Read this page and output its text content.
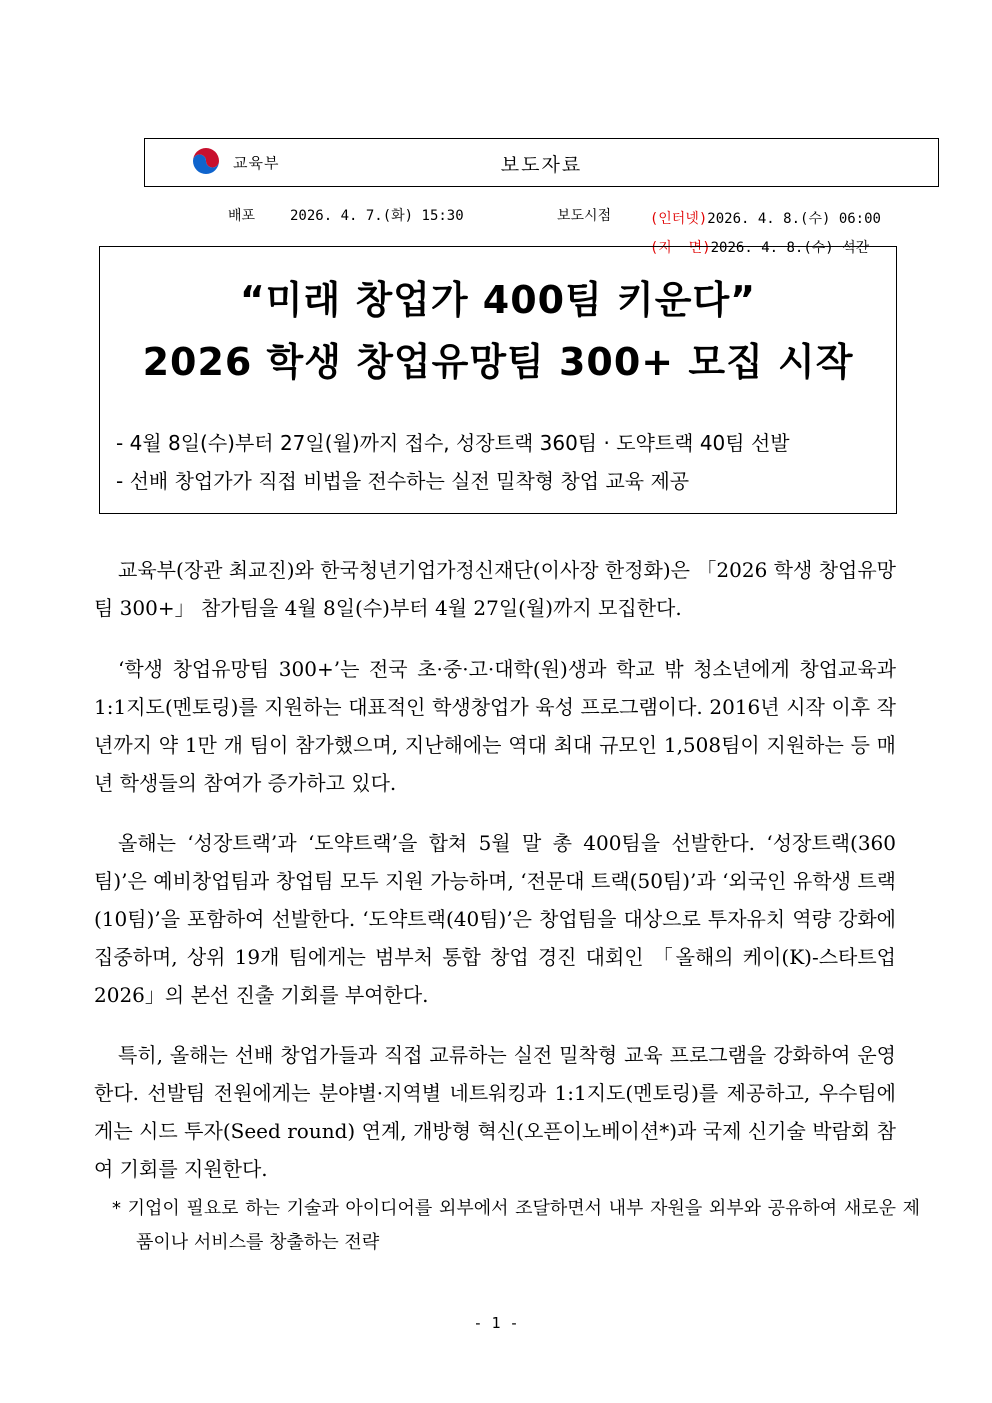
교육부	보도자료
배포 2026. 4. 7.(화) 15:30	보도시점	(인터넷)2026. 4. 8.(수) 06:00

(지  면)2026. 4. 8.(수) 석간

“미래 창업가 400팀 키운다”
2026 학생 창업유망팀 300+ 모집 시작
- 4월 8일(수)부터 27일(월)까지 접수, 성장트랙 360팀 · 도약트랙 40팀 선발
- 선배 창업가가 직접 비법을 전수하는 실전 밀착형 창업 교육 제공

교육부(장관 최교진)와 한국청년기업가정신재단(이사장 한정화)은 「2026 학생 창업유망팀 300+」 참가팀을 4월 8일(수)부터 4월 27일(월)까지 모집한다.

‘학생 창업유망팀 300+’는 전국 초·중·고·대학(원)생과 학교 밖 청소년에게 창업교육과 1:1지도(멘토링)를 지원하는 대표적인 학생창업가 육성 프로그램이다. 2016년 시작 이후 작년까지 약 1만 개 팀이 참가했으며, 지난해에는 역대 최대 규모인 1,508팀이 지원하는 등 매년 학생들의 참여가 증가하고 있다.

올해는 ‘성장트랙’과 ‘도약트랙’을 합쳐 5월 말 총 400팀을 선발한다. ‘성장트랙(360팀)’은 예비창업팀과 창업팀 모두 지원 가능하며, ‘전문대 트랙(50팀)’과 ‘외국인 유학생 트랙(10팀)’을 포함하여 선발한다. ‘도약트랙(40팀)’은 창업팀을 대상으로 투자유치 역량 강화에 집중하며, 상위 19개 팀에게는 범부처 통합 창업 경진 대회인 「올해의 케이(K)-스타트업 2026」의 본선 진출 기회를 부여한다.

특히, 올해는 선배 창업가들과 직접 교류하는 실전 밀착형 교육 프로그램을 강화하여 운영한다. 선발팀 전원에게는 분야별·지역별 네트워킹과 1:1지도(멘토링)를 제공하고, 우수팀에게는 시드 투자(Seed round) 연계, 개방형 혁신(오픈이노베이션*)과 국제 신기술 박람회 참여 기회를 지원한다.

* 기업이 필요로 하는 기술과 아이디어를 외부에서 조달하면서 내부 자원을 외부와 공유하여 새로운 제품이나 서비스를 창출하는 전략

- 1 -
